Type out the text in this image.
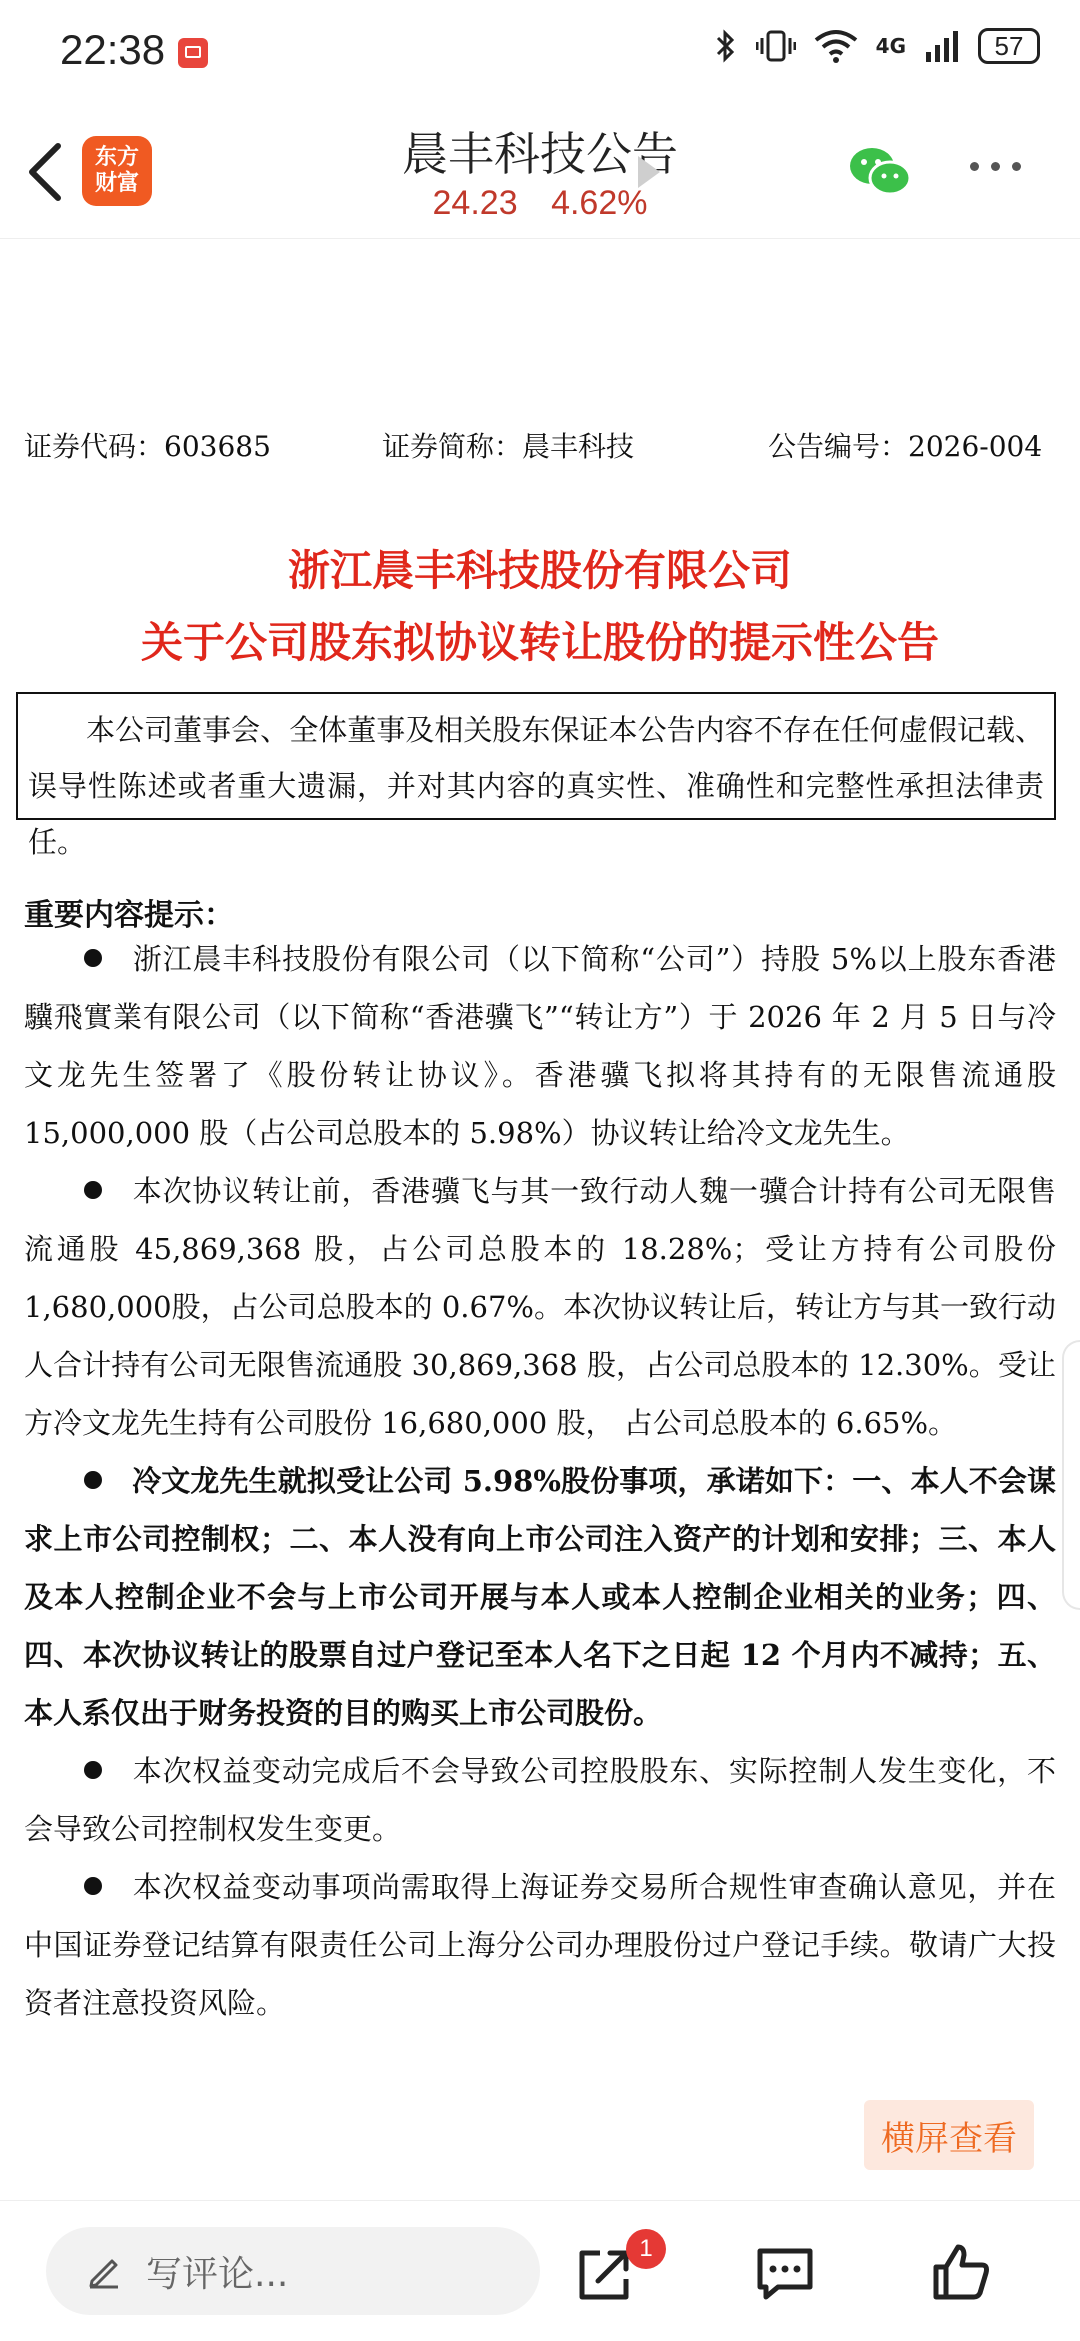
22:38	4G	57
东方
财富
晨丰科技公告
24.23 4.62%
证券代码：603685	证券简称：晨丰科技	公告编号：2026-004
浙江晨丰科技股份有限公司
关于公司股东拟协议转让股份的提示性公告

本公司董事会、全体董事及相关股东保证本公告内容不存在任何虚假记载、误导性陈述或者重大遗漏，并对其内容的真实性、准确性和完整性承担法律责任。

重要内容提示：

浙江晨丰科技股份有限公司（以下简称“公司”）持股 5%以上股东香港驥飛實業有限公司（以下简称“香港骥飞”“转让方”）于 2026 年 2 月 5 日与冷文龙先生签署了《股份转让协议》。香港骥飞拟将其持有的无限售流通股15,000,000 股（占公司总股本的 5.98%）协议转让给冷文龙先生。

本次协议转让前，香港骥飞与其一致行动人魏一骥合计持有公司无限售流通股 45,869,368 股，占公司总股本的 18.28%；受让方持有公司股份 1,680,000股，占公司总股本的 0.67%。本次协议转让后，转让方与其一致行动人合计持有公司无限售流通股 30,869,368 股，占公司总股本的 12.30%。受让方冷文龙先生持有公司股份 16,680,000 股， 占公司总股本的 6.65%。

冷文龙先生就拟受让公司 5.98%股份事项，承诺如下：一、本人不会谋求上市公司控制权；二、本人没有向上市公司注入资产的计划和安排；三、本人及本人控制企业不会与上市公司开展与本人或本人控制企业相关的业务；四、四、本次协议转让的股票自过户登记至本人名下之日起 12 个月内不减持；五、本人系仅出于财务投资的目的购买上市公司股份。

本次权益变动完成后不会导致公司控股股东、实际控制人发生变化，不会导致公司控制权发生变更。

本次权益变动事项尚需取得上海证券交易所合规性审查确认意见，并在中国证券登记结算有限责任公司上海分公司办理股份过户登记手续。敬请广大投资者注意投资风险。

横屏查看
写评论...
1
